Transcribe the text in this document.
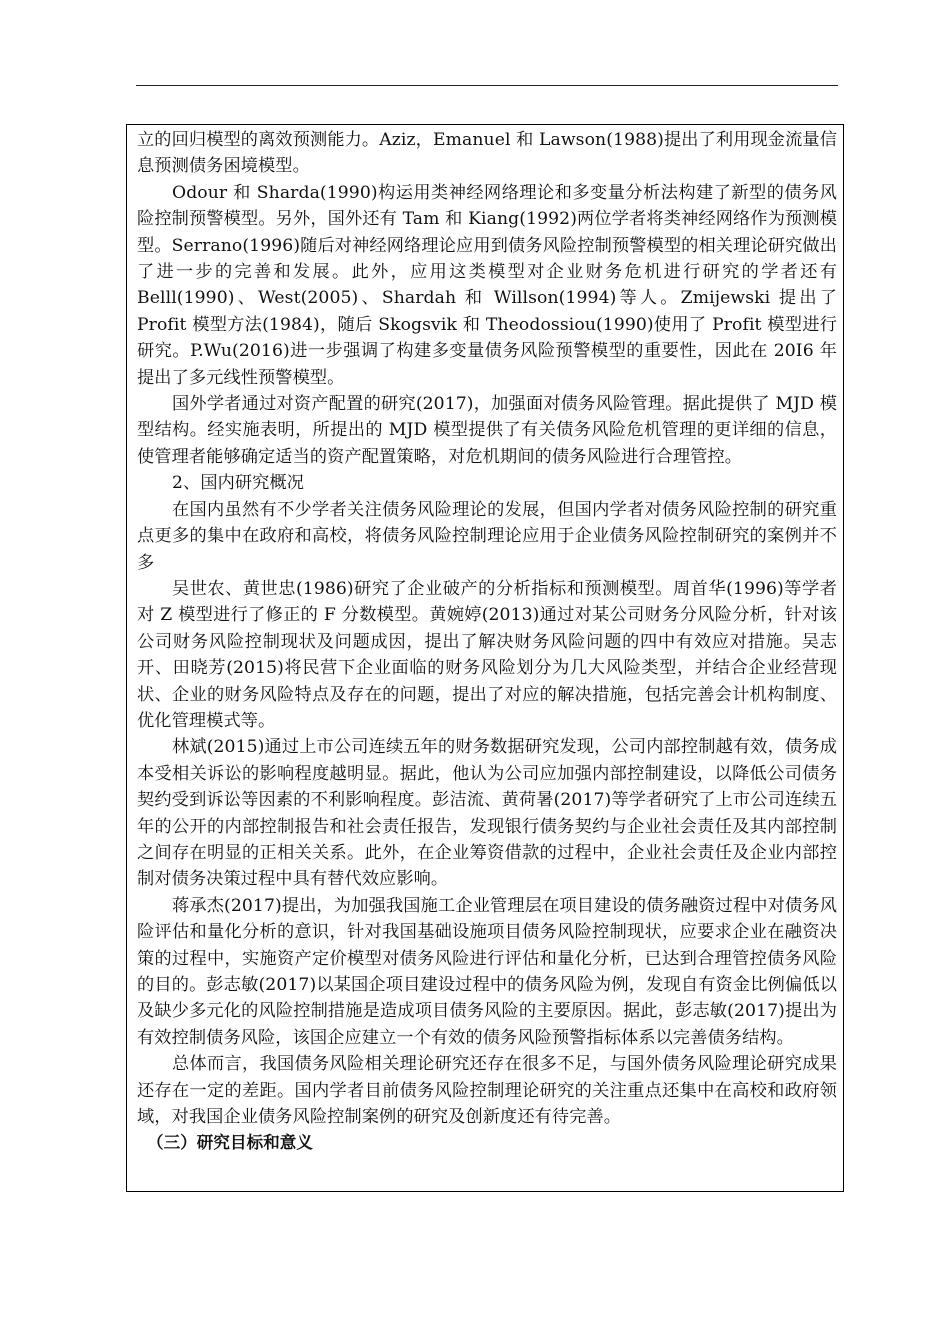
立的回归模型的离效预测能力。Aziz，Emanuel 和 Lawson(1988)提出了利用现金流量信息预测债务困境模型。

Odour 和 Sharda(1990)构运用类神经网络理论和多变量分析法构建了新型的债务风险控制预警模型。另外，国外还有 Tam 和 Kiang(1992)两位学者将类神经网络作为预测模型。Serrano(1996)随后对神经网络理论应用到债务风险控制预警模型的相关理论研究做出了进一步的完善和发展。此外，应用这类模型对企业财务危机进行研究的学者还有 Belll(1990)、West(2005)、Shardah 和 Willson(1994)等人。Zmijewski 提出了 Profit 模型方法(1984)，随后 Skogsvik 和 Theodossiou(1990)使用了 Profit 模型进行研究。P.Wu(2016)进一步强调了构建多变量债务风险预警模型的重要性，因此在 20I6 年提出了多元线性预警模型。

国外学者通过对资产配置的研究(2017)，加强面对债务风险管理。据此提供了 MJD 模型结构。经实施表明，所提出的 MJD 模型提供了有关债务风险危机管理的更详细的信息，使管理者能够确定适当的资产配置策略，对危机期间的债务风险进行合理管控。

2、国内研究概况

在国内虽然有不少学者关注债务风险理论的发展，但国内学者对债务风险控制的研究重点更多的集中在政府和高校，将债务风险控制理论应用于企业债务风险控制研究的案例并不多

吴世农、黄世忠(1986)研究了企业破产的分析指标和预测模型。周首华(1996)等学者对 Z 模型进行了修正的 F 分数模型。黄婉婷(2013)通过对某公司财务分风险分析，针对该公司财务风险控制现状及问题成因，提出了解决财务风险问题的四中有效应对措施。吴志开、田晓芳(2015)将民营下企业面临的财务风险划分为几大风险类型，并结合企业经营现状、企业的财务风险特点及存在的问题，提出了对应的解决措施，包括完善会计机构制度、优化管理模式等。

林斌(2015)通过上市公司连续五年的财务数据研究发现，公司内部控制越有效，债务成本受相关诉讼的影响程度越明显。据此，他认为公司应加强内部控制建设，以降低公司债务契约受到诉讼等因素的不利影响程度。彭洁流、黄荷暑(2017)等学者研究了上市公司连续五年的公开的内部控制报告和社会责任报告，发现银行债务契约与企业社会责任及其内部控制之间存在明显的正相关关系。此外，在企业筹资借款的过程中，企业社会责任及企业内部控制对债务决策过程中具有替代效应影响。

蒋承杰(2017)提出，为加强我国施工企业管理层在项目建设的债务融资过程中对债务风险评估和量化分析的意识，针对我国基础设施项目债务风险控制现状，应要求企业在融资决策的过程中，实施资产定价模型对债务风险进行评估和量化分析，已达到合理管控债务风险的目的。彭志敏(2017)以某国企项目建设过程中的债务风险为例，发现自有资金比例偏低以及缺少多元化的风险控制措施是造成项目债务风险的主要原因。据此，彭志敏(2017)提出为有效控制债务风险，该国企应建立一个有效的债务风险预警指标体系以完善债务结构。

总体而言，我国债务风险相关理论研究还存在很多不足，与国外债务风险理论研究成果还存在一定的差距。国内学者目前债务风险控制理论研究的关注重点还集中在高校和政府领域，对我国企业债务风险控制案例的研究及创新度还有待完善。

（三）研究目标和意义
